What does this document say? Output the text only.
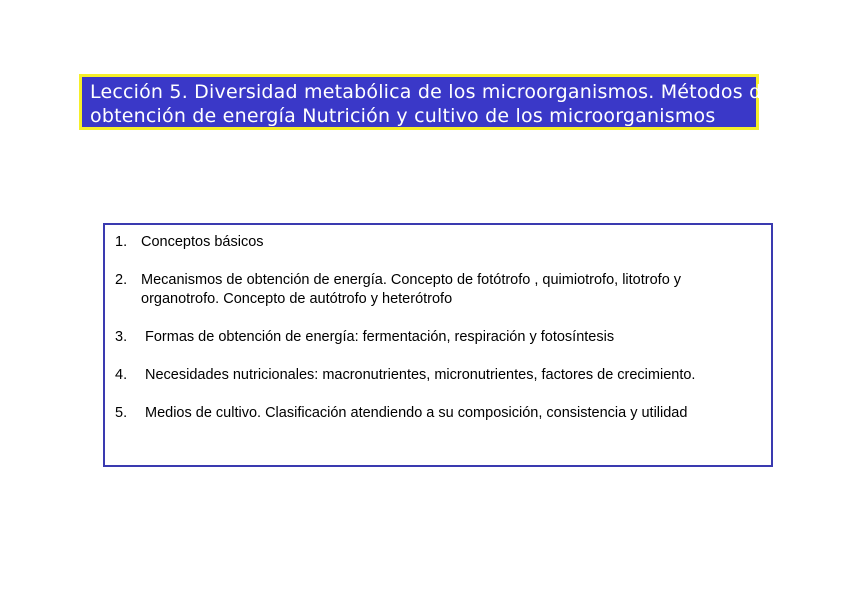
Lección 5. Diversidad metabólica de los microorganismos. Métodos de
obtención de energía Nutrición y cultivo de los microorganismos
1. Conceptos básicos
2. Mecanismos de obtención de energía. Concepto de fotótrofo , quimiotrofo, litotrofo y organotrofo. Concepto de autótrofo y heterótrofo
3.	Formas de obtención de energía: fermentación, respiración y fotosíntesis
4.	Necesidades nutricionales: macronutrientes, micronutrientes, factores de crecimiento.
5.	Medios de cultivo. Clasificación atendiendo a su composición, consistencia y utilidad
